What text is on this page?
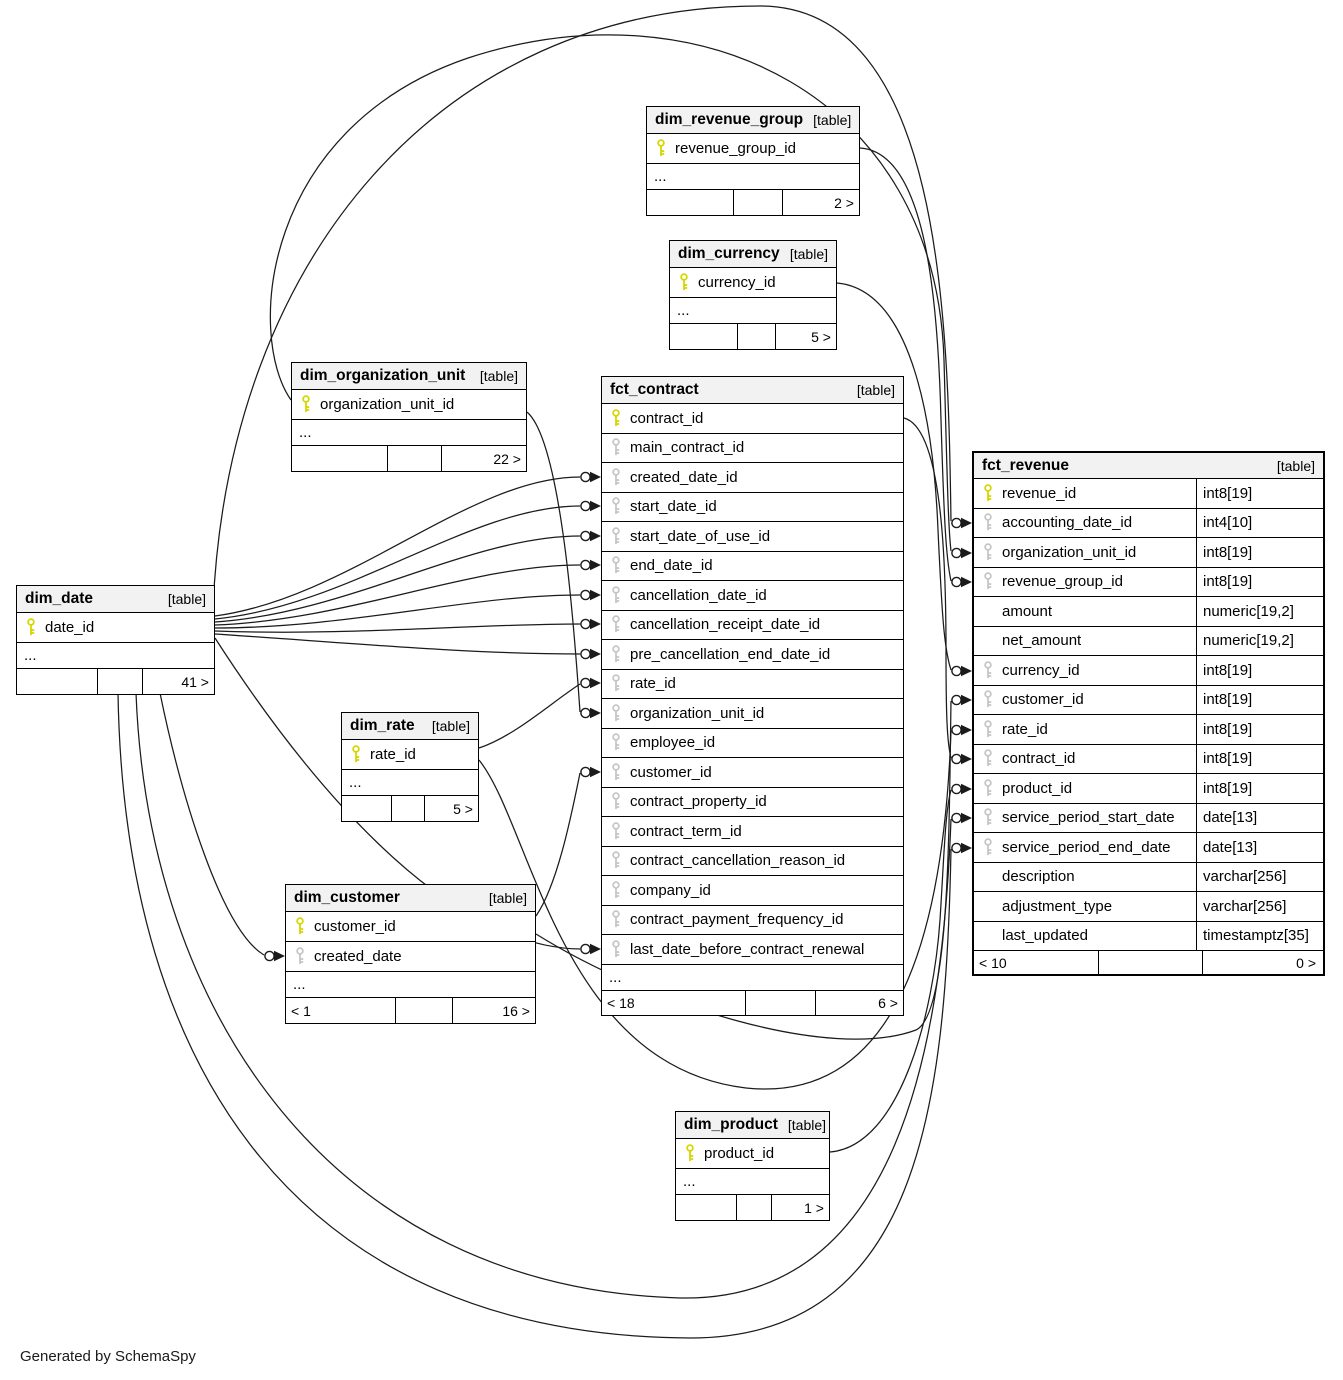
dim_revenue_group [table]
revenue_group_id
...
2 >
dim_currency [table]
currency_id
...
5 >
dim_organization_unit [table]
organization_unit_id
...
22 >
dim_date	[table]
date_id
...
41 >
dim_rate [table]
rate_id
...
5 >
dim_customer	[table]
customer_id
created_date
...
< 1	16 >
dim_product [table]
product_id
...
1 >
fct_contract	[table]
contract_id
main_contract_id
created_date_id
start_date_id
start_date_of_use_id
end_date_id
cancellation_date_id
cancellation_receipt_date_id
pre_cancellation_end_date_id
rate_id
organization_unit_id
employee_id
customer_id
contract_property_id
contract_term_id
contract_cancellation_reason_id
company_id
contract_payment_frequency_id
last_date_before_contract_renewal
...
< 18	6 >
fct_revenue	[table]
revenue_id	int8[19]
accounting_date_id	int4[10]
organization_unit_id	int8[19]
revenue_group_id	int8[19]
amount	numeric[19,2]
net_amount	numeric[19,2]
currency_id	int8[19]
customer_id	int8[19]
rate_id	int8[19]
contract_id	int8[19]
product_id	int8[19]
service_period_start_date	date[13]
service_period_end_date	date[13]
description	varchar[256]
adjustment_type	varchar[256]
last_updated	timestamptz[35]
< 10	0 >
Generated by SchemaSpy
